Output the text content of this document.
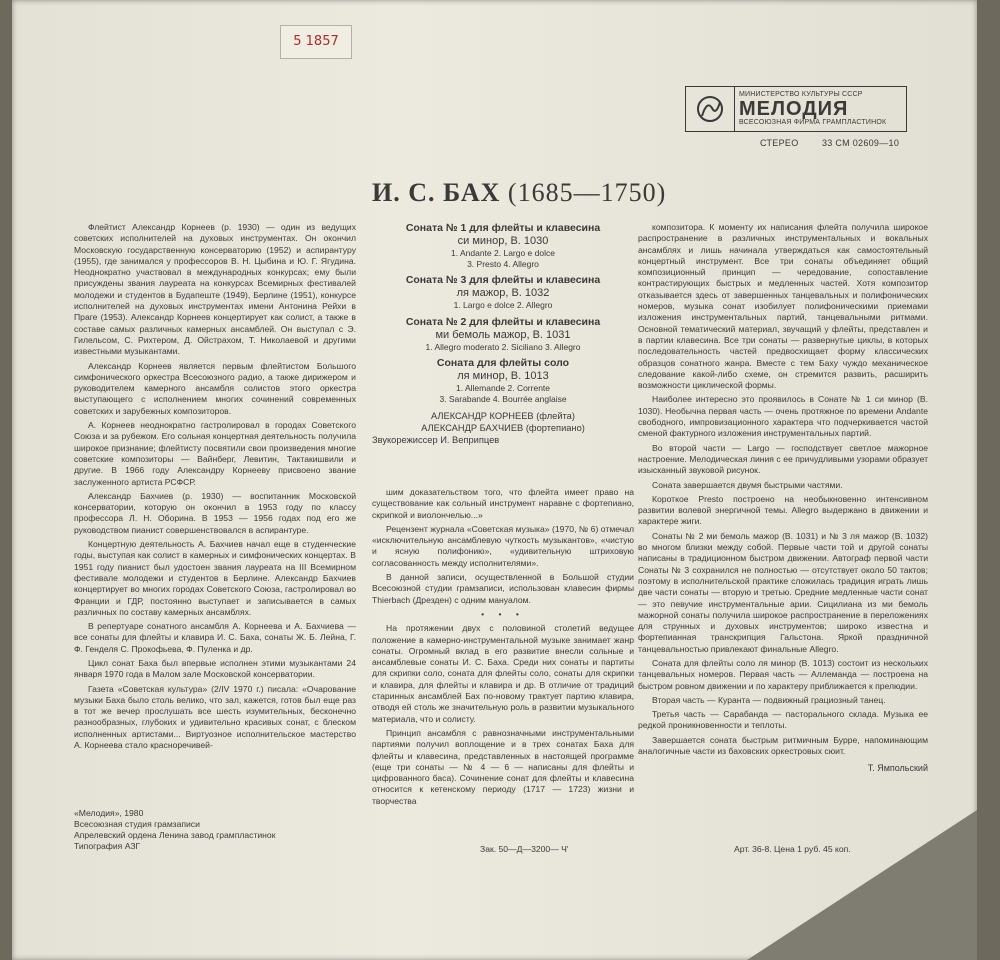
5 1857
МИНИСТЕРСТВО КУЛЬТУРЫ СССР
МЕЛОДИЯ
ВСЕСОЮЗНАЯ ФИРМА ГРАМПЛАСТИНОК
СТЕРЕО	33 СМ 02609—10
И. С. БАХ (1685—1750)

Флейтист Александр Корнеев (р. 1930) — один из ведущих советских исполнителей на духовых инструментах. Он окончил Московскую государственную консерваторию (1952) и аспирантуру (1955), где занимался у профессоров В. Н. Цыбина и Ю. Г. Ягудина. Неоднократно участвовал в международных конкурсах; ему были присуждены звания лауреата на конкурсах Всемирных фестивалей молодежи и студентов в Будапеште (1949), Берлине (1951), конкурсе исполнителей на духовых инструментах имени Антонина Рейхи в Праге (1953). Александр Корнеев концертирует как солист, а также в составе самых различных камерных ансамблей. Он выступал с Э. Гилельсом, С. Рихтером, Д. Ойстрахом, Т. Николаевой и другими известными музыкантами.

Александр Корнеев является первым флейтистом Большого симфонического оркестра Всесоюзного радио, а также дирижером и руководителем камерного ансамбля солистов этого оркестра выступающего с исполнением многих сочинений современных советских и зарубежных композиторов.

А. Корнеев неоднократно гастролировал в городах Советского Союза и за рубежом. Его сольная концертная деятельность получила широкое признание; флейтисту посвятили свои произведения многие советские композиторы — Вайнберг, Левитин, Тактакишвили и другие. В 1966 году Александру Корнееву присвоено звание заслуженного артиста РСФСР.

Александр Бахчиев (р. 1930) — воспитанник Московской консерватории, которую он окончил в 1953 году по классу профессора Л. Н. Оборина. В 1953 — 1956 годах под его же руководством пианист совершенствовался в аспирантуре.

Концертную деятельность А. Бахчиев начал еще в студенческие годы, выступая как солист в камерных и симфонических концертах. В 1951 году пианист был удостоен звания лауреата на III Всемирном фестивале молодежи и студентов в Берлине. Александр Бахчиев концертирует во многих городах Советского Союза, гастролировал во Франции и ГДР, постоянно выступает и записывается в самых различных по составу камерных ансамблях.

В репертуаре сонатного ансамбля А. Корнеева и А. Бахчиева — все сонаты для флейты и клавира И. С. Баха, сонаты Ж. Б. Лейна, Г. Ф. Генделя С. Прокофьева, Ф. Пуленка и др.

Цикл сонат Баха был впервые исполнен этими музыкантами 24 января 1970 года в Малом зале Московской консерватории.

Газета «Советская культура» (2/IV 1970 г.) писала: «Очарование музыки Баха было столь велико, что зал, кажется, готов был еще раз в тот же вечер прослушать все шесть изумительных, бесконечно разнообразных, глубоких и удивительно красивых сонат, с блеском исполненных артистами... Виртуозное исполнительское мастерство А. Корнеева стало красноречивей-

Соната № 1 для флейты и клавесина
си минор, В. 1030
1. Andante 2. Largo e dolce
3. Presto 4. Allegro
Соната № 3 для флейты и клавесина
ля мажор, В. 1032
1. Largo e dolce 2. Allegro
Соната № 2 для флейты и клавесина
ми бемоль мажор, В. 1031
1. Allegro moderato 2. Siciliano 3. Allegro
Соната для флейты соло
ля минор, В. 1013
1. Allemande 2. Corrente
3. Sarabande 4. Bourrée anglaise
АЛЕКСАНДР КОРНЕЕВ (флейта)
АЛЕКСАНДР БАХЧИЕВ (фортепиано)

Звукорежиссер И. Веприпцев

шим доказательством того, что флейта имеет право на существование как сольный инструмент наравне с фортепиано, скрипкой и виолончелью...»

Рецензент журнала «Советская музыка» (1970, № 6) отмечал «исключительную ансамблевую чуткость музыкантов», «чистую и ясную полифонию», «удивительную штриховую согласованность между исполнителями».

В данной записи, осуществленной в Большой студии Всесоюзной студии грамзаписи, использован клавесин фирмы Thierbach (Дрезден) с одним мануалом.

• • •

На протяжении двух с половиной столетий ведущее положение в камерно-инструментальной музыке занимает жанр сонаты. Огромный вклад в его развитие внесли сольные и ансамблевые сонаты И. С. Баха. Среди них сонаты и партиты для скрипки соло, соната для флейты соло, сонаты для скрипки и клавира, для флейты и клавира и др. В отличие от традиций старинных ансамблей Бах по-новому трактует партию клавира, отводя ей столь же значительную роль в развитии музыкального материала, что и солисту.

Принцип ансамбля с равнозначными инструментальными партиями получил воплощение и в трех сонатах Баха для флейты и клавесина, представленных в настоящей программе (еще три сонаты — № 4 — 6 — написаны для флейты и цифрованного баса). Сочинение сонат для флейты и клавесина относится к кетенскому периоду (1717 — 1723) жизни и творчества

композитора. К моменту их написания флейта получила широкое распространение в различных инструментальных и вокальных ансамблях и лишь начинала утверждаться как самостоятельный концертный инструмент. Все три сонаты объединяет общий композиционный принцип — чередование, сопоставление контрастирующих быстрых и медленных частей. Хотя композитор отказывается здесь от завершенных танцевальных и полифонических номеров, музыка сонат изобилует полифоническими приемами изложения инструментальных партий, танцевальными ритмами. Основной тематический материал, звучащий у флейты, представлен и в партии клавесина. Все три сонаты — развернутые циклы, в которых последовательность частей предвосхищает форму классических образцов сонатного жанра. Вместе с тем Баху чуждо механическое следование какой-либо схеме, он стремится развить, расширить возможности циклической формы.

Наиболее интересно это проявилось в Сонате № 1 си минор (В. 1030). Необычна первая часть — очень протяжное по времени Andante свободного, импровизационного характера что подчеркивается частой сменой фактурного изложения инструментальных партий.

Во второй части — Largo — господствует светлое мажорное настроение. Мелодическая линия с ее причудливыми узорами образует изысканный звуковой рисунок.

Соната завершается двумя быстрыми частями.

Короткое Presto построено на необыкновенно интенсивном развитии волевой энергичной темы. Allegro выдержано в движении и характере жиги.

Сонаты № 2 ми бемоль мажор (В. 1031) и № 3 ля мажор (В. 1032) во многом близки между собой. Первые части той и другой сонаты написаны в традиционном быстром движении. Автограф первой части Сонаты № 3 сохранился не полностью — отсутствует около 50 тактов; поэтому в исполнительской практике сложилась традиция играть лишь две части сонаты — вторую и третью. Средние медленные части сонат — это певучие инструментальные арии. Сицилиана из ми бемоль мажорной сонаты получила широкое распространение в переложениях для струнных и духовых инструментов; широко известна и фортепианная транскрипция Гальстона. Яркой праздничной танцевальностью привлекают финальные Allegro.

Соната для флейты соло ля минор (В. 1013) состоит из нескольких танцевальных номеров. Первая часть — Аллеманда — построена на быстром ровном движении и по характеру приближается к прелюдии.

Вторая часть — Куранта — подвижный грациозный танец.

Третья часть — Сарабанда — пасторального склада. Музыка ее редкой проникновенности и теплоты.

Завершается соната быстрым ритмичным Бурре, напоминающим аналогичные части из баховских оркестровых сюит.

Т. Ямпольский
«Мелодия», 1980
Всесоюзная студия грамзаписи
Апрелевский ордена Ленина завод грампластинок
Типография АЗГ	Зак. 50—Д—3200— Ч'	Арт. 36-8. Цена 1 руб. 45 коп.
